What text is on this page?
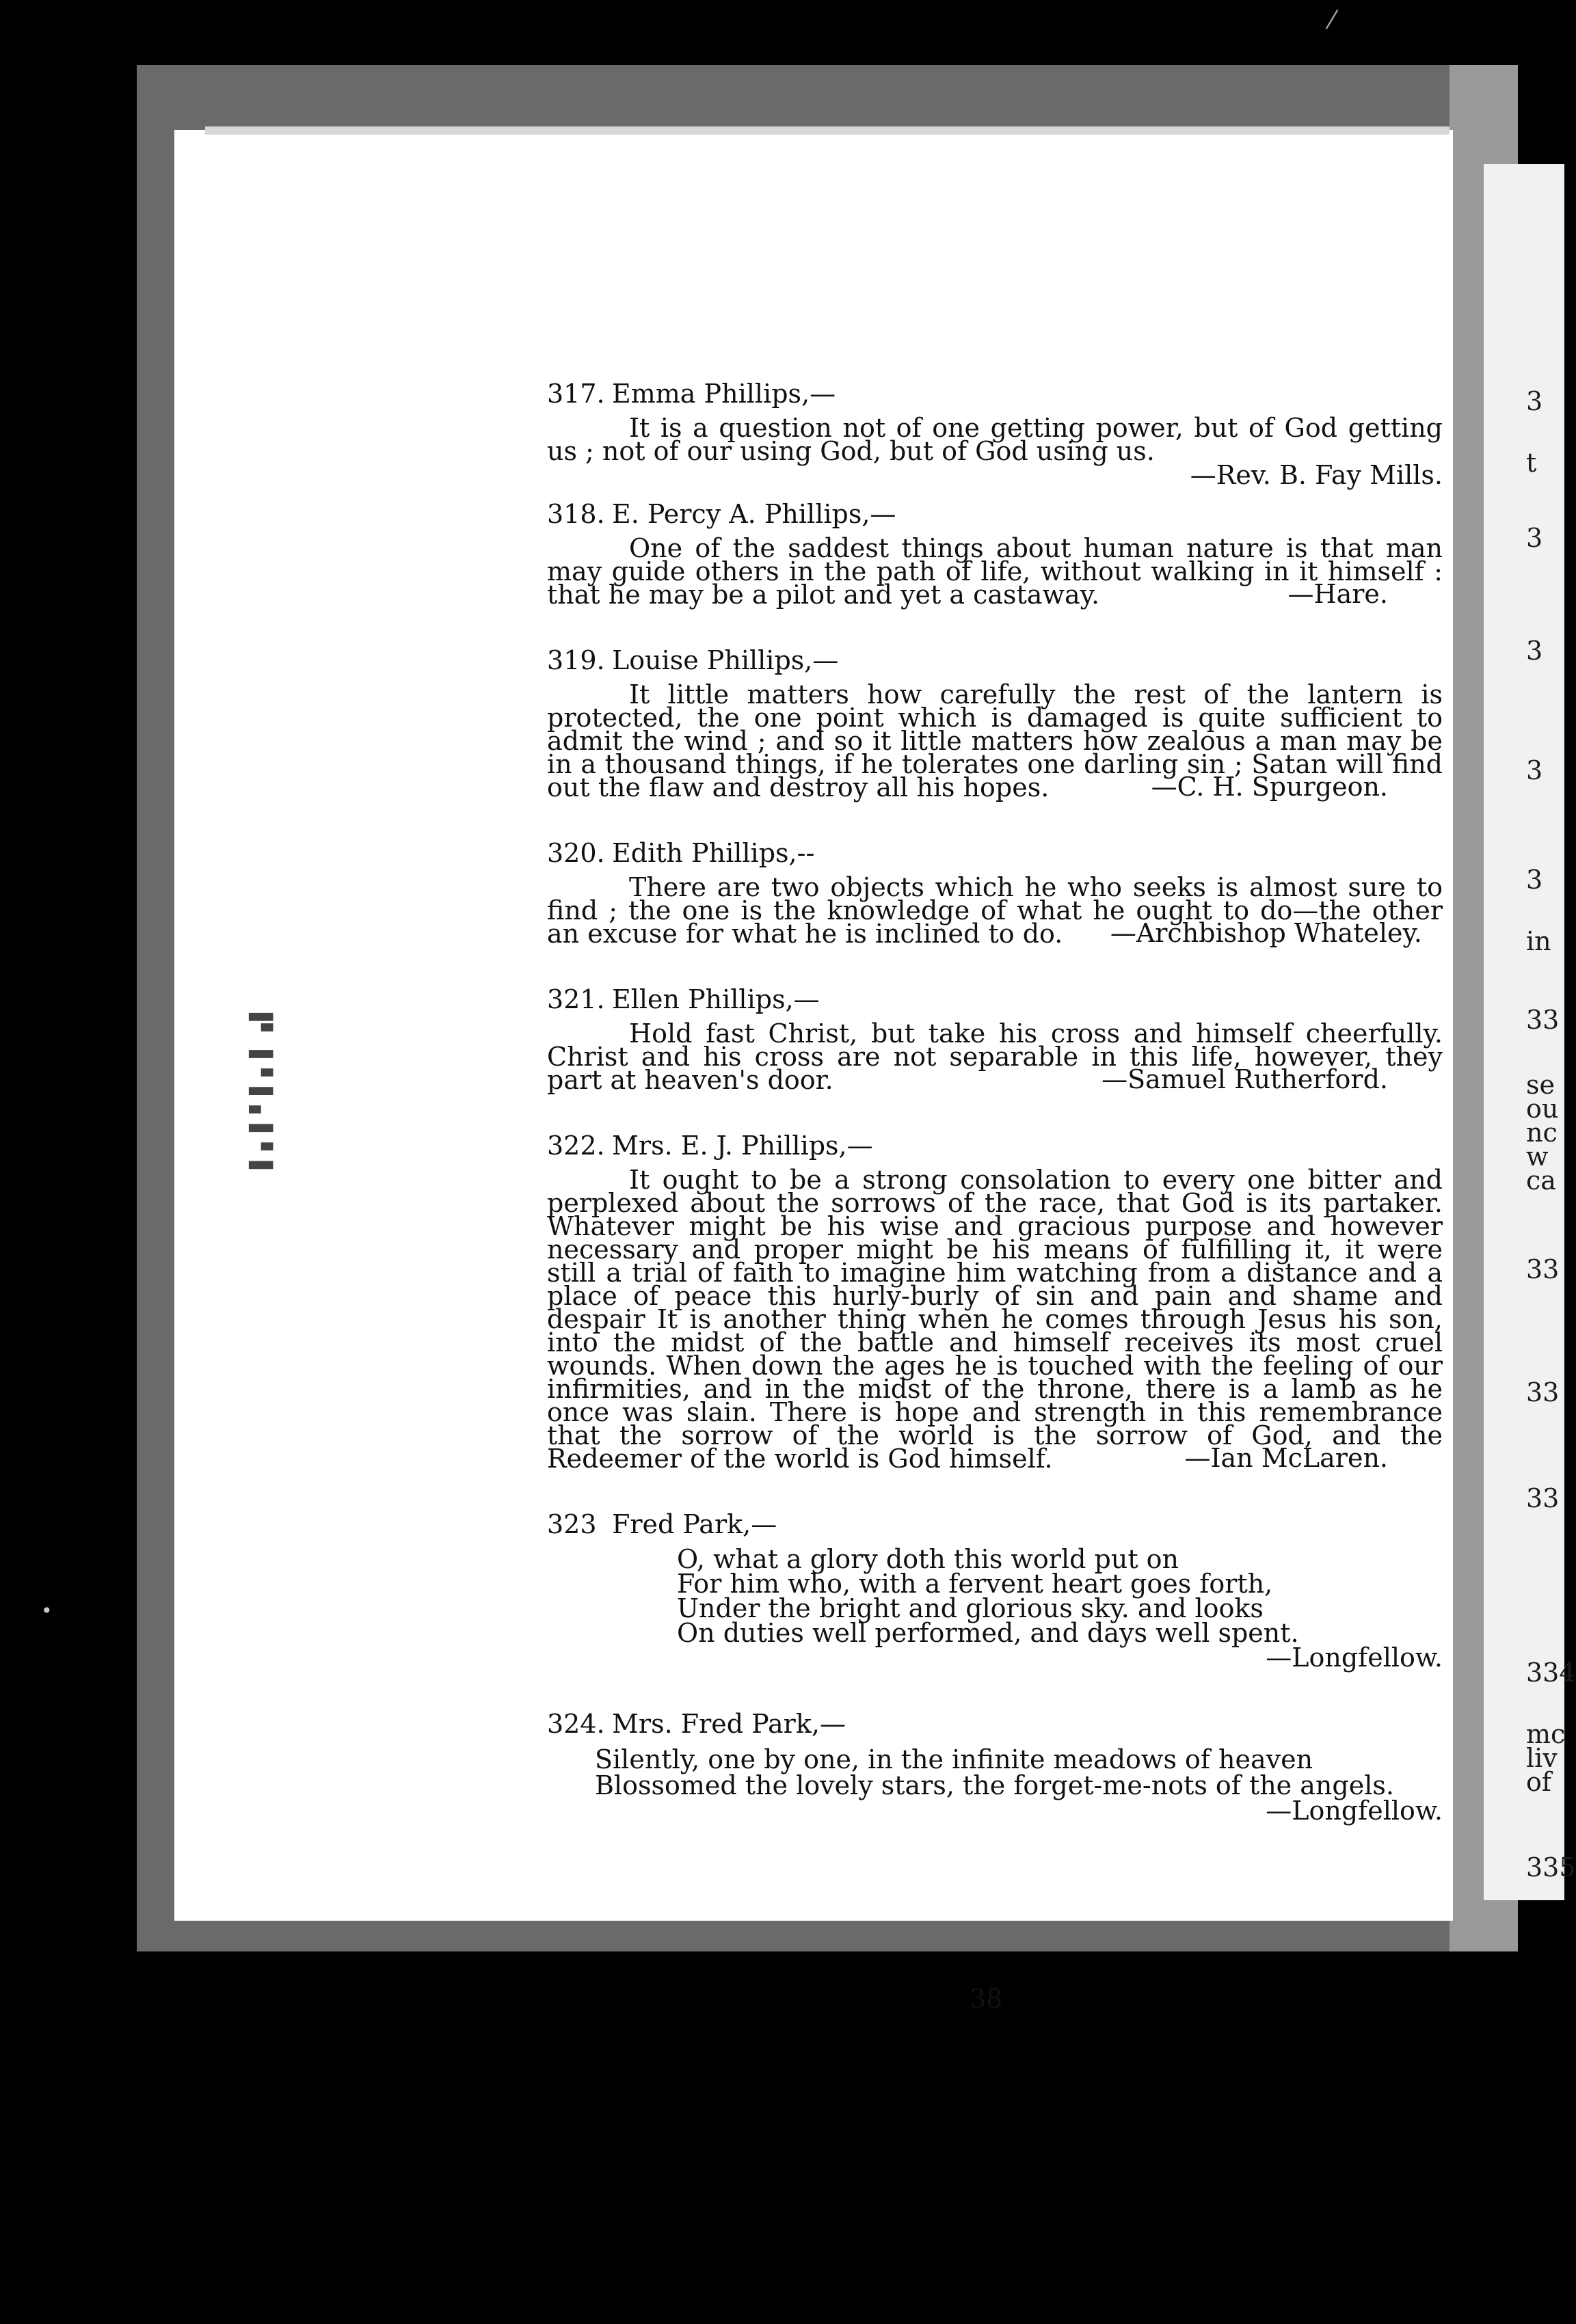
▌▖▌▘▌▖▌▗▌
•
⁄
3
t
3
3
3
3
in
33
se
ou
nc
w
ca
33
33
33
334
mc
liv
of
335
317. Emma Phillips,—

It is a question not of one getting power, but of God getting us ; not of our using God, but of God using us.

—Rev. B. Fay Mills.
318. E. Percy A. Phillips,—

One of the saddest things about human nature is that man may guide others in the path of life, without walking in it himself : that he may be a pilot and yet a castaway.	—Hare.
319. Louise Phillips,—

It little matters how carefully the rest of the lantern is protected, the one point which is damaged is quite sufficient to admit the wind ; and so it little matters how zealous a man may be in a thousand things, if he tolerates one darling sin ; Satan will find out the flaw and destroy all his hopes.	—C. H. Spurgeon.
320. Edith Phillips,--

There are two objects which he who seeks is almost sure to find ; the one is the knowledge of what he ought to do—the other an excuse for what he is inclined to do.	—Archbishop Whateley.
321. Ellen Phillips,—

Hold fast Christ, but take his cross and himself cheerfully. Christ and his cross are not separable in this life, however, they part at heaven's door.	—Samuel Rutherford.
322. Mrs. E. J. Phillips,—

It ought to be a strong consolation to every one bitter and perplexed about the sorrows of the race, that God is its partaker. Whatever might be his wise and gracious purpose and however necessary and proper might be his means of fulfilling it, it were still a trial of faith to imagine him watching from a distance and a place of peace this hurly-burly of sin and pain and shame and despair It is another thing when he comes through Jesus his son, into the midst of the battle and himself receives its most cruel wounds. When down the ages he is touched with the feeling of our infirmities, and in the midst of the throne, there is a lamb as he once was slain. There is hope and strength in this remembrance that the sorrow of the world is the sorrow of God, and the Redeemer of the world is God himself.	—Ian McLaren.
323 Fred Park,—
O, what a glory doth this world put on
For him who, with a fervent heart goes forth,
Under the bright and glorious sky. and looks
On duties well performed, and days well spent.
—Longfellow.
324. Mrs. Fred Park,—
Silently, one by one, in the infinite meadows of heaven
Blossomed the lovely stars, the forget-me-nots of the angels.
—Longfellow.
38
